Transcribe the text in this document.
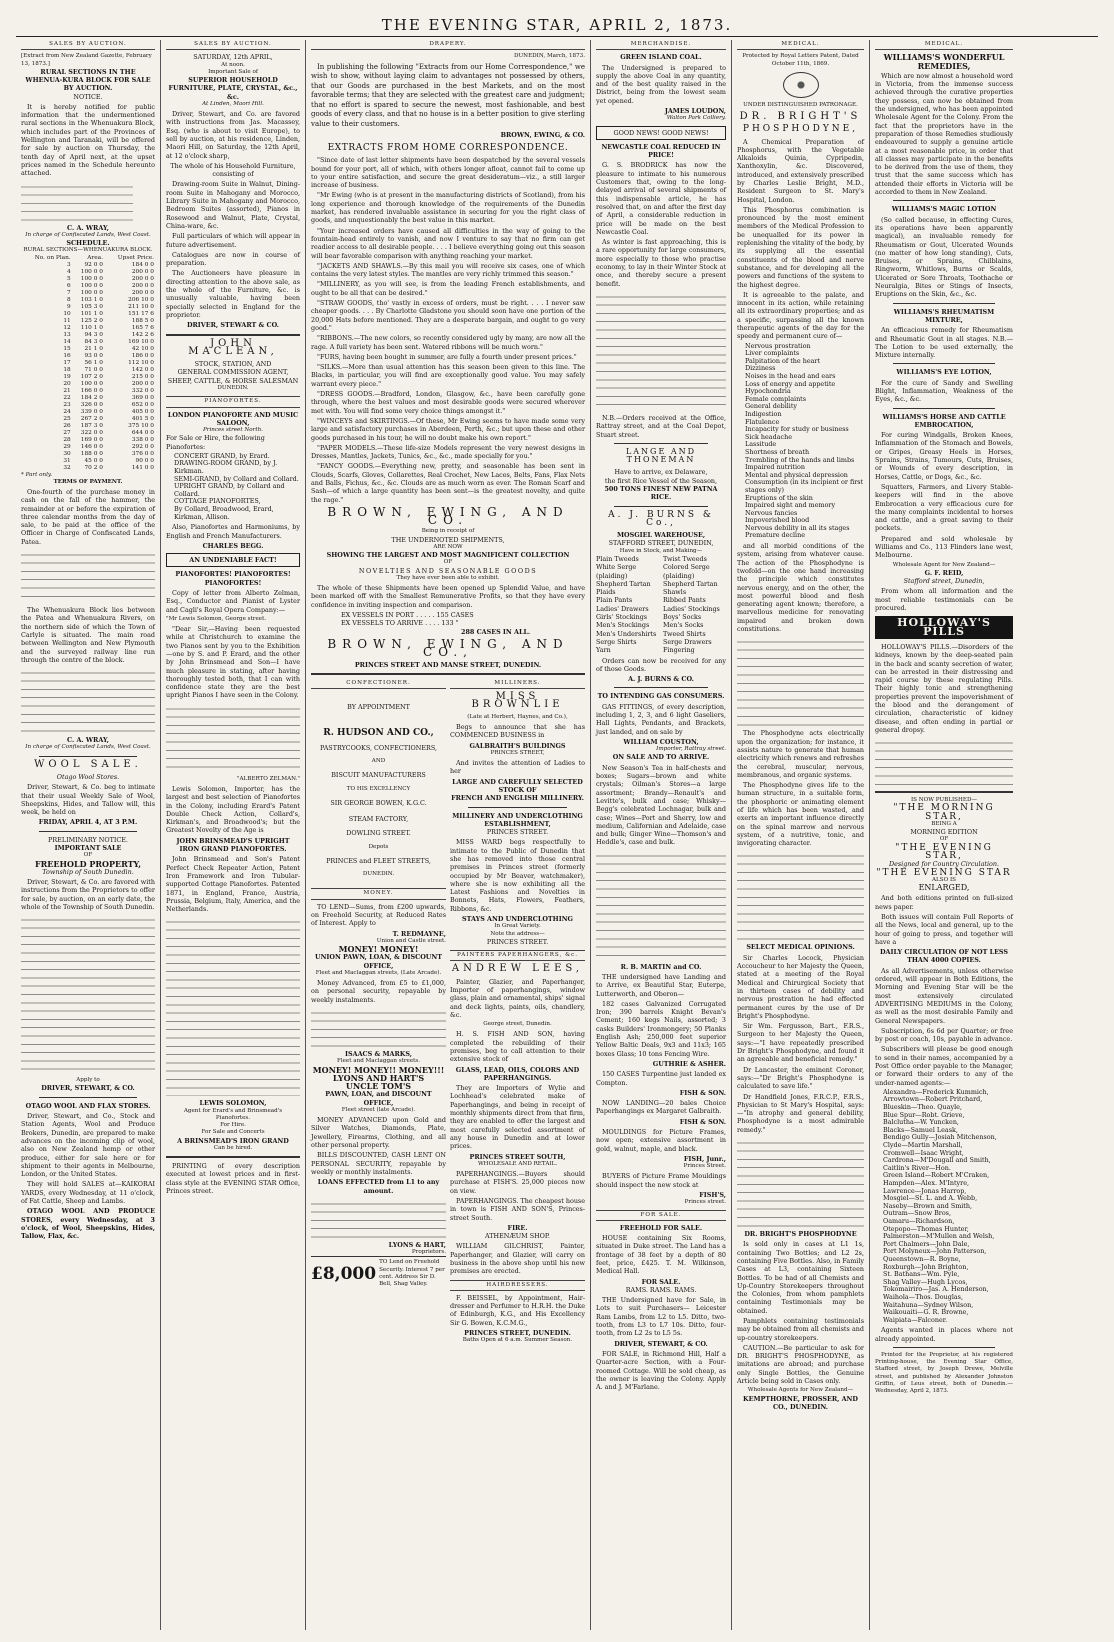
THE EVENING STAR, APRIL 2, 1873.
SALES BY AUCTION.
[Extract from New Zealand Gazette, February 13, 1873.]
RURAL SECTIONS IN THE WHENUA-KURA BLOCK FOR SALE BY AUCTION.
NOTICE.

It is hereby notified for public information that the undermentioned rural sections in the Whenuakura Block, which includes part of the Provinces of Wellington and Taranaki, will be offered for sale by auction on Thursday, the tenth day of April next, at the upset prices named in the Schedule hereunto attached.

C. A. WRAY,
In charge of Confiscated Lands, West Coast.
SCHEDULE.
RURAL SECTIONS—WHENUAKURA BLOCK.
No. on Plan.	Area.	Upset Price.
3	92 0 0	184 0 0
4	100 0 0	200 0 0
5	100 0 0	200 0 0
6	100 0 0	200 0 0
7	100 0 0	200 0 0
8	103 1 0	206 10 0
9	105 3 0	211 10 0
10	101 1 0	151 17 6
11	125 2 0	188 5 0
12	110 1 0	165 7 6
13	94 3 0	142 2 6
14	84 3 0	169 10 0
15	21 1 0	42 10 0
16	93 0 0	186 0 0
17	56 1 0	112 10 0
18	71 0 0	142 0 0
19	107 2 0	215 0 0
20	100 0 0	200 0 0
21	166 0 0	332 0 0
22	184 2 0	369 0 0
23	326 0 0	652 0 0
24	339 0 0	405 0 0
25	267 2 0	401 5 0
26	187 3 0	375 10 0
27	322 0 0	644 0 0
28	169 0 0	338 0 0
29	146 0 0	292 0 0
30	188 0 0	376 0 0
31	45 0 0	90 0 0
32	70 2 0	141 0 0
* Part only.
TERMS OF PAYMENT.

One-fourth of the purchase money in cash on the fall of the hammer, the remainder at or before the expiration of three calendar months from the day of sale, to be paid at the office of the Officer in Charge of Confiscated Lands, Patea.

The Whenuakura Block lies between the Patea and Whenuakura Rivers, on the northern side of which the Town of Carlyle is situated. The main road between Wellington and New Plymouth and the surveyed railway line run through the centre of the block.

C. A. WRAY,
In charge of Confiscated Lands, West Coast.
WOOL SALE.
Otago Wool Stores.

Driver, Stewart, & Co. beg to intimate that their usual Weekly Sale of Wool, Sheepskins, Hides, and Tallow will, this week, be held on

FRIDAY, APRIL 4, AT 3 P.M.
PRELIMINARY NOTICE.
IMPORTANT SALE
OF
FREEHOLD PROPERTY,
Township of South Dunedin.

Driver, Stewart, & Co. are favored with instructions from the Proprietors to offer for sale, by auction, on an early date, the whole of the Township of South Dunedin.

Apply to
DRIVER, STEWART, & CO.
OTAGO WOOL AND FLAX STORES.

Driver, Stewart, and Co., Stock and Station Agents, Wool and Produce Brokers, Dunedin, are prepared to make advances on the incoming clip of wool, also on New Zealand hemp or other produce, either for sale here or for shipment to their agents in Melbourne, London, or the United States.

They will hold SALES at—KAIKORAI YARDS, every Wednesday, at 11 o'clock, of Fat Cattle, Sheep and Lambs.

OTAGO WOOL AND PRODUCE STORES, every Wednesday, at 3 o'clock, of Wool, Sheepskins, Hides, Tallow, Flax, &c.

SALES BY AUCTION.
SATURDAY, 12th APRIL,
At noon.
Important Sale of
SUPERIOR HOUSEHOLD FURNITURE, PLATE, CRYSTAL, &c., &c.
At Linden, Maori Hill.

Driver, Stewart, and Co. are favored with instructions from Jas. Macassey, Esq. (who is about to visit Europe), to sell by auction, at his residence, Linden, Maori Hill, on Saturday, the 12th April, at 12 o'clock sharp,

The whole of his Household Furniture, consisting of

Drawing-room Suite in Walnut, Dining-room Suite in Mahogany and Morocco, Library Suite in Mahogany and Morocco, Bedroom Suites (assorted), Pianos in Rosewood and Walnut, Plate, Crystal, China-ware, &c.

Full particulars of which will appear in future advertisement.

Catalogues are now in course of preparation.

The Auctioneers have pleasure in directing attention to the above sale, as the whole of the Furniture, &c. is unusually valuable, having been specially selected in England for the proprietor.

DRIVER, STEWART & CO.
JOHN MACLEAN,
STOCK, STATION, AND
GENERAL COMMISSION AGENT,
SHEEP, CATTLE, & HORSE SALESMAN
DUNEDIN.
PIANOFORTES.
LONDON PIANOFORTE AND MUSIC SALOON,
Princes street North.
For Sale or Hire, the following Pianofortes:
CONCERT GRAND, by Erard.
DRAWING-ROOM GRAND, by J. Kirkman.
SEMI-GRAND, by Collard and Collard.
UPRIGHT GRAND, by Collard and Collard.
COTTAGE PIANOFORTES,
By Collard, Broadwood, Erard, Kirkman, Allison.

Also, Pianofortes and Harmoniums, by English and French Manufacturers.

CHARLES BEGG.
AN UNDENIABLE FACT!
PIANOFORTES! PIANOFORTES! PIANOFORTES!

Copy of letter from Alberto Zelman, Esq., Conductor and Pianist of Lyster and Cagli's Royal Opera Company:—

"Mr Lewis Solomon, George street.

"Dear Sir,—Having been requested while at Christchurch to examine the two Pianos sent by you to the Exhibition—one by S. and P. Erard, and the other by John Brinsmead and Son—I have much pleasure in stating, after having thoroughly tested both, that I can with confidence state they are the best upright Pianos I have seen in the Colony.

"ALBERTO ZELMAN."

Lewis Solomon, Importer, has the largest and best selection of Pianofortes in the Colony, including Erard's Patent Double Check Action, Collard's, Kirkman's, and Broadwood's; but the Greatest Novelty of the Age is

JOHN BRINSMEAD'S UPRIGHT IRON GRAND PIANOFORTES.

John Brinsmead and Son's Patent Perfect Check Repeater Action, Patent Iron Framework and Iron Tubular-supported Cottage Pianofortes. Patented 1871, in England, France, Austria, Prussia, Belgium, Italy, America, and the Netherlands.

LEWIS SOLOMON,
Agent for Erard's and Brinsmead's Pianofortes.
For Hire.
For Sale and Concerts
A BRINSMEAD'S IRON GRAND
Can be hired.

PRINTING of every description executed at lowest prices and in first-class style at the EVENING STAR Office, Princes street.

DRAPERY.
DUNEDIN, March, 1873.

In publishing the following "Extracts from our Home Correspondence," we wish to show, without laying claim to advantages not possessed by others, that our Goods are purchased in the best Markets, and on the most favorable terms; that they are selected with the greatest care and judgment; that no effort is spared to secure the newest, most fashionable, and best goods of every class, and that no house is in a better position to give sterling value to their customers.

BROWN, EWING, & CO.
EXTRACTS FROM HOME CORRESPONDENCE.

"Since date of last letter shipments have been despatched by the several vessels bound for your port, all of which, with others longer afloat, cannot fail to come up to your entire satisfaction, and secure the great desideratum—viz., a still larger increase of business.

"Mr Ewing (who is at present in the manufacturing districts of Scotland), from his long experience and thorough knowledge of the requirements of the Dunedin market, has rendered invaluable assistance in securing for you the right class of goods, and unquestionably the best value in this market.

"Your increased orders have caused all difficulties in the way of going to the fountain-head entirely to vanish, and now I venture to say that no firm can get readier access to all desirable people. . . . I believe everything going out this season will bear favorable comparison with anything reaching your market.

"JACKETS AND SHAWLS.—By this mail you will receive six cases, one of which contains the very latest styles. The mantles are very richly trimmed this season."

"MILLINERY, as you will see, is from the leading French establishments, and ought to be all that can be desired."

"STRAW GOODS, tho' vastly in excess of orders, must be right. . . . I never saw cheaper goods. . . . By Charlotte Gladstone you should soon have one portion of the 20,000 Hats before mentioned. They are a desperate bargain, and ought to go very good."

"RIBBONS.—The new colors, so recently considered ugly by many, are now all the rage. A full variety has been sent. Watered ribbons will be much worn."

"FURS, having been bought in summer, are fully a fourth under present prices."

"SILKS.—More than usual attention has this season been given to this line. The Blacks, in particular, you will find are exceptionally good value. You may safely warrant every piece."

"DRESS GOODS.—Bradford, London, Glasgow, &c., have been carefully gone through, where the best values and most desirable goods were secured wherever met with. You will find some very choice things amongst it."

"WINCEYS and SKIRTINGS.—Of these, Mr Ewing seems to have made some very large and satisfactory purchases in Aberdeen, Perth, &c.; but upon these and other goods purchased in his tour, he will no doubt make his own report."

"PAPER MODELS.—These life-size Models represent the very newest designs in Dresses, Mantles, Jackets, Tunics, &c., &c., made specially for you."

"FANCY GOODS.—Everything new, pretty, and seasonable has been sent in Clouds, Scarfs, Gloves, Collarettes, Real Crochet, New Laces, Belts, Fans, Flax Nets and Balls, Fichus, &c., &c. Clouds are as much worn as ever. The Roman Scarf and Sash—of which a large quantity has been sent—is the greatest novelty, and quite the rage."

BROWN, EWING, AND CO.
Being in receipt of
THE UNDERNOTED SHIPMENTS,
ARE NOW
SHOWING THE LARGEST AND MOST MAGNIFICENT COLLECTION
OF
NOVELTIES AND SEASONABLE GOODS
They have ever been able to exhibit.

The whole of these Shipments have been opened up Splendid Value, and have been marked off with the Smallest Remunerative Profits, so that they have every confidence in inviting inspection and comparison.

EX VESSELS IN PORT . . . . . 155 CASES
EX VESSELS TO ARRIVE . . . . 133 "
288 CASES IN ALL.
BROWN, EWING, AND CO.,
PRINCES STREET AND MANSE STREET, DUNEDIN.
CONFECTIONER.
BY APPOINTMENT
R. HUDSON AND CO.,
PASTRYCOOKS, CONFECTIONERS,
AND
BISCUIT MANUFACTURERS
TO HIS EXCELLENCY
SIR GEORGE BOWEN, K.G.C.
STEAM FACTORY,
DOWLING STREET.
Depots
PRINCES and FLEET STREETS,
DUNEDIN.
MONEY.

TO LEND—Sums, from £200 upwards, on Freehold Security, at Reduced Rates of Interest. Apply to

T. REDMAYNE,
Union and Castle street.
MONEY! MONEY!
UNION PAWN, LOAN, & DISCOUNT OFFICE,
Fleet and Maclaggan streets, (Late Arcade).

Money Advanced, from £5 to £1,000, on personal security, repayable by weekly instalments.

ISAACS & MARKS,
Fleet and Maclaggan streets.
MONEY! MONEY!! MONEY!!!
LYONS AND HART'S
UNCLE TOM'S
PAWN, LOAN, and DISCOUNT OFFICE,
Fleet street (late Arcade).

MONEY ADVANCED upon Gold and Silver Watches, Diamonds, Plate, Jewellery, Firearms, Clothing, and all other personal property.

BILLS DISCOUNTED, CASH LENT ON PERSONAL SECURITY, repayable by weekly or monthly instalments.

LOANS EFFECTED from L1 to any amount.
LYONS & HART,
Proprietors.
£8,000
TO Lend on Freehold Security. Interest 7 per cent. Address Sir D. Bell, Shag Valley.
MILLINERS.
MISS BROWNLIE
(Late at Herbert, Haynes, and Co.),

Begs to announce that she has COMMENCED BUSINESS in

GALBRAITH'S BUILDINGS
PRINCES STREET,

And invites the attention of Ladies to her

LARGE AND CAREFULLY SELECTED STOCK OF
FRENCH AND ENGLISH MILLINERY.
MILLINERY AND UNDERCLOTHING ESTABLISHMENT,
PRINCES STREET.

MISS WARD begs respectfully to intimate to the Public of Dunedin that she has removed into those central premises in Princes street (formerly occupied by Mr Beaver, watchmaker), where she is now exhibiting all the Latest Fashions and Novelties in Bonnets, Hats, Flowers, Feathers, Ribbons, &c.

STAYS AND UNDERCLOTHING
In Great Variety.
Note the address—
PRINCES STREET.
PAINTERS PAPERHANGERS, &c.
ANDREW LEES,

Painter, Glazier, and Paperhanger, Importer of paperhangings, window glass, plain and ornamental, ships' signal and deck lights, paints, oils, chandlery, &c.

George street, Dunedin.

H. S. FISH AND SON, having completed the rebuilding of their premises, beg to call attention to their extensive stock of

GLASS, LEAD, OILS, COLORS AND PAPERHANGINGS.

They are Importers of Wylie and Lochhead's celebrated make of Paperhangings, and being in receipt of monthly shipments direct from that firm, they are enabled to offer the largest and most carefully selected assortment of any house in Dunedin and at lower prices.

PRINCES STREET SOUTH,
WHOLESALE AND RETAIL.

PAPERHANGINGS.—Buyers should purchase at FISH'S. 25,000 pieces now on view.

PAPERHANGINGS. The cheapest house in town is FISH AND SON'S, Princes-street South.

FIRE.
ATHENÆUM SHOP.

WILLIAM GILCHRIST, Painter, Paperhanger, and Glazier, will carry on business in the above shop until his new premises are erected.

HAIRDRESSERS.

F. BEISSEL, by Appointment, Hair-dresser and Perfumer to H.R.H. the Duke of Edinburgh, K.G., and His Excellency Sir G. Bowen, K.C.M.G.,

PRINCES STREET, DUNEDIN.
Baths Open at 6 a.m. Summer Season.
MERCHANDISE.
GREEN ISLAND COAL.

The Undersigned is prepared to supply the above Coal in any quantity, and of the best quality raised in the District, being from the lowest seam yet opened.

JAMES LOUDON,
Walton Park Colliery.
GOOD NEWS! GOOD NEWS!
NEWCASTLE COAL REDUCED IN PRICE!

G. S. BRODRICK has now the pleasure to intimate to his numerous Customers that, owing to the long-delayed arrival of several shipments of this indispensable article, he has resolved that, on and after the first day of April, a considerable reduction in price will be made on the best Newcastle Coal.

As winter is fast approaching, this is a rare opportunity for large consumers, more especially to those who practise economy, to lay in their Winter Stock at once, and thereby secure a present benefit.

N.B.—Orders received at the Office, Rattray street, and at the Coal Depot, Stuart street.

LANGE AND THONEMAN
Have to arrive, ex Delaware,
the first Rice Vessel of the Season,
500 TONS FINEST NEW PATNA RICE.
A. J. BURNS & Co.,
MOSGIEL WAREHOUSE,
STAFFORD STREET, DUNEDIN,
Have in Stock, and Making—
Plain Tweeds
White Serge (plaiding)
Shepherd Tartan Plaids
Plain Pants
Ladies' Drawers
Girls' Stockings
Men's Stockings
Men's Undershirts
Serge Shirts
Yarn
Twist Tweeds
Colored Serge (plaiding)
Shepherd Tartan Shawls
Ribbed Pants
Ladies' Stockings
Boys' Socks
Men's Socks
Tweed Shirts
Serge Drawers
Fingering

Orders can now be received for any of those Goods.

A. J. BURNS & CO.
TO INTENDING GAS CONSUMERS.

GAS FITTINGS, of every description, including 1, 2, 3, and 6 light Gaseliers, Hall Lights, Pendants, and Brackets, just landed, and on sale by

WILLIAM COUSTON,
Importer, Rattray street.
ON SALE AND TO ARRIVE.

New Season's Tea in half-chests and boxes; Sugars—brown and white crystals; Oilman's Stores—a large assortment; Brandy—Renault's and Levitte's, bulk and case; Whisky—Begg's celebrated Lochnagar, bulk and case; Wines—Port and Sherry, low and medium, Californian and Adelaide, case and bulk; Ginger Wine—Thomson's and Heddle's, case and bulk.

R. B. MARTIN and CO.

THE undersigned have Landing and to Arrive, ex Beautiful Star, Euterpe, Lutterworth, and Oberon—

182 cases Galvanized Corrugated Iron; 390 barrels Knight Bevan's Cement; 160 kegs Nails, assorted; 3 casks Builders' Ironmongery; 50 Planks English Ash; 250,000 feet superior Yellow Baltic Deals, 9x3 and 11x3; 165 boxes Glass; 10 tons Fencing Wire.

GUTHRIE & ASHER.

150 CASES Turpentine just landed ex Compton.

FISH & SON.

NOW LANDING—20 bales Choice Paperhangings ex Margaret Galbraith.

FISH & SON.

MOULDINGS for Picture Frames, now open; extensive assortment in gold, walnut, maple, and black.

FISH, Junr.,
Princes Street.

BUYERS of Picture Frame Mouldings should inspect the new stock at

FISH'S,
Princes street.
FOR SALE.
FREEHOLD FOR SALE.

HOUSE containing Six Rooms, situated in Duke street. The Land has a frontage of 38 feet by a depth of 80 feet, price, £425. T. M. Wilkinson, Medical Hall.

FOR SALE.
RAMS. RAMS. RAMS.

THE Undersigned have for Sale, in Lots to suit Purchasers— Leicester Ram Lambs, from L2 to L5. Ditto, two-tooth, from L3 to L7 10s. Ditto, four-tooth, from L2 2s to L5 5s.

DRIVER, STEWART, & CO.

FOR SALE, in Richmond Hill, Half a Quarter-acre Section, with a Four-roomed Cottage. Will be sold cheap, as the owner is leaving the Colony. Apply A. and J. M'Farlane.

MEDICAL.
Protected by Royal Letters Patent, Dated October 11th, 1869.
UNDER DISTINGUISHED PATRONAGE.
DR. BRIGHT'S
PHOSPHODYNE,

A Chemical Preparation of Phosphorus, with the Vegetable Alkaloids Quinia, Cypripedin, Xanthoxylin, &c. Discovered, introduced, and extensively prescribed by Charles Leslie Bright, M.D., Resident Surgeon to St. Mary's Hospital, London.

This Phosphorus combination is pronounced by the most eminent members of the Medical Profession to be unequalled for its power in replenishing the vitality of the body, by its supplying all the essential constituents of the blood and nerve substance, and for developing all the powers and functions of the system to the highest degree.

It is agreeable to the palate, and innocent in its action, while retaining all its extraordinary properties; and as a specific, surpassing all the known therapeutic agents of the day for the speedy and permanent cure of—

Nervous prostration
Liver complaints
Palpitation of the heart
Dizziness
Noises in the head and ears
Loss of energy and appetite
Hypochondria
Female complaints
General debility
Indigestion
Flatulence
Incapacity for study or business
Sick headache
Lassitude
Shortness of breath
Trembling of the hands and limbs
Impaired nutrition
Mental and physical depression
Consumption (in its incipient or first stages only)
Eruptions of the skin
Impaired sight and memory
Nervous fancies
Impoverished blood
Nervous debility in all its stages
Premature decline

and all morbid conditions of the system, arising from whatever cause. The action of the Phosphodyne is twofold—on the one hand increasing the principle which constitutes nervous energy, and on the other, the most powerful blood and flesh generating agent known; therefore, a marvellous medicine for renovating impaired and broken down constitutions.

The Phosphodyne acts electrically upon the organization; for instance, it assists nature to generate that human electricity which renews and refreshes the cerebral, muscular, nervous, membranous, and organic systems.

The Phosphodyne gives life to the human structure, in a suitable form, the phosphoric or animating element of life which has been wasted, and exerts an important influence directly on the spinal marrow and nervous system, of a nutritive, tonic, and invigorating character.

SELECT MEDICAL OPINIONS.

Sir Charles Locock, Physician Accoucheur to her Majesty the Queen, stated at a meeting of the Royal Medical and Chirurgical Society that in thirteen cases of debility and nervous prostration he had effected permanent cures by the use of Dr Bright's Phosphodyne.

Sir Wm. Fergusson, Bart., F.R.S., Surgeon to her Majesty the Queen, says:—"I have repeatedly prescribed Dr Bright's Phosphodyne, and found it an agreeable and beneficial remedy."

Dr Lancaster, the eminent Coroner, says:—"Dr Bright's Phosphodyne is calculated to save life."

Dr Handfield Jones, F.R.C.P., F.R.S., Physician to St Mary's Hospital, says:—"In atrophy and general debility, Phosphodyne is a most admirable remedy."

DR. BRIGHT'S PHOSPHODYNE

Is sold only in cases at L1 1s, containing Two Bottles; and L2 2s, containing Five Bottles. Also, in Family Cases at L3, containing Sixteen Bottles. To be had of all Chemists and Up-Country Storekeepers throughout the Colonies, from whom pamphlets containing Testimonials may be obtained.

Pamphlets containing testimonials may be obtained from all chemists and up-country storekeepers.

CAUTION.—Be particular to ask for DR. BRIGHT'S PHOSPHODYNE, as imitations are abroad; and purchase only Single Bottles, the Genuine Article being sold in Cases only.

Wholesale Agents for New Zealand—
KEMPTHORNE, PROSSER, AND CO., DUNEDIN.
MEDICAL.
WILLIAMS'S WONDERFUL REMEDIES,

Which are now almost a household word in Victoria, from the immense success achieved through the curative properties they possess, can now be obtained from the undersigned, who has been appointed Wholesale Agent for the Colony. From the fact that the proprietors have in the preparation of those Remedies studiously endeavoured to supply a genuine article at a most reasonable price, in order that all classes may participate in the benefits to be derived from the use of them, they trust that the same success which has attended their efforts in Victoria will be accorded to them in New Zealand.

WILLIAMS'S MAGIC LOTION

(So called because, in effecting Cures, its operations have been apparently magical), an invaluable remedy for Rheumatism or Gout, Ulcerated Wounds (no matter of how long standing), Cuts, Bruises, or Sprains, Chilblains, Ringworm, Whitlows, Burns or Scalds, Ulcerated or Sore Throats, Toothache or Neuralgia, Bites or Stings of Insects, Eruptions on the Skin, &c., &c.

WILLIAMS'S RHEUMATISM MIXTURE,

An efficacious remedy for Rheumatism and Rheumatic Gout in all stages. N.B.—The Lotion to be used externally, the Mixture internally.

WILLIAMS'S EYE LOTION,

For the cure of Sandy and Swelling Blight, Inflammation, Weakness of the Eyes, &c., &c.

WILLIAMS'S HORSE AND CATTLE EMBROCATION,

For curing Windgalls, Broken Knees, Inflammation of the Stomach and Bowels, or Gripes, Greasy Heels in Horses, Sprains, Strains, Tumours, Cuts, Bruises, or Wounds of every description, in Horses, Cattle, or Dogs, &c., &c.

Squatters, Farmers, and Livery Stable-keepers will find in the above Embrocation a very efficacious cure for the many complaints incidental to horses and cattle, and a great saving to their pockets.

Prepared and sold wholesale by Williams and Co., 113 Flinders lane west, Melbourne.

Wholesale Agent for New Zealand—
G. F. REID,
Stafford street, Dunedin,

From whom all information and the most reliable testimonials can be procured.

HOLLOWAY'S PILLS

HOLLOWAY'S PILLS.—Disorders of the kidneys, known by the deep-seated pain in the back and scanty secretion of water, can be arrested in their distressing and rapid course by these regulating Pills. Their highly tonic and strengthening properties prevent the impoverishment of the blood and the derangement of circulation, characteristic of kidney disease, and often ending in partial or general dropsy.

IS NOW PUBLISHED—
"THE MORNING STAR,
BEING A
MORNING EDITION
OF
"THE EVENING STAR,
Designed for Country Circulation.
"THE EVENING STAR
ALSO IS
ENLARGED,

And both editions printed on full-sized news paper.

Both issues will contain Full Reports of all the News, local and general, up to the hour of going to press, and together will have a

DAILY CIRCULATION OF NOT LESS THAN 4000 COPIES.

As all Advertisements, unless otherwise ordered, will appear in Both Editions, the Morning and Evening Star will be the most extensively circulated ADVERTISING MEDIUMS in the Colony, as well as the most desirable Family and General Newspapers.

Subscription, 6s 6d per Quarter; or free by post or coach, 10s, payable in advance.

Subscribers will please be good enough to send in their names, accompanied by a Post Office order payable to the Manager, or forward their orders to any of the under-named agents:—

Alexandra—Frederick Kummich,
Arrowtown—Robert Pritchard,
Blueskin—Theo. Quayle,
Blue Spur—Robt. Grieve,
Balclutha—W. Yuncken,
Blacks—Samuel Leask,
Bendigo Gully—Josiah Mitchenson,
Clyde—Martin Marshall,
Cromwell—Isaac Wright,
Cardrona—M'Dougall and Smith,
Caitlin's River—Hon.
Green Island—Robert M'Craken,
Hampden—Alex. M'Intyre,
Lawrence—Jonas Harrop,
Mosgiel—St. L. and A. Webb,
Naseby—Brown and Smith,
Outram—Snow Bros,
Oamaru—Richardson,
Otepopo—Thomas Hunter,
Palmerston—M'Mullen and Welsh,
Port Chalmers—John Dale,
Port Molyneux—John Patterson,
Queenstown—R. Boyne,
Roxburgh—John Brighton,
St. Bathans—Wm. Pyle,
Shag Valley—Hugh Lycos,
Tokomairiro—Jas. A. Henderson,
Waihola—Thos. Douglas,
Waitahuna—Sydney Wilson,
Waikouaiti—G. R. Browne,
Waipiata—Falconer.

Agents wanted in places where not already appointed.

Printed for the Proprietor, at his registered Printing-house, the Evening Star Office, Stafford street, by Joseph Drewe, Melville street, and published by Alexander Johnston Griffin, of Leus street, both of Dunedin.—Wednesday, April 2, 1873.
